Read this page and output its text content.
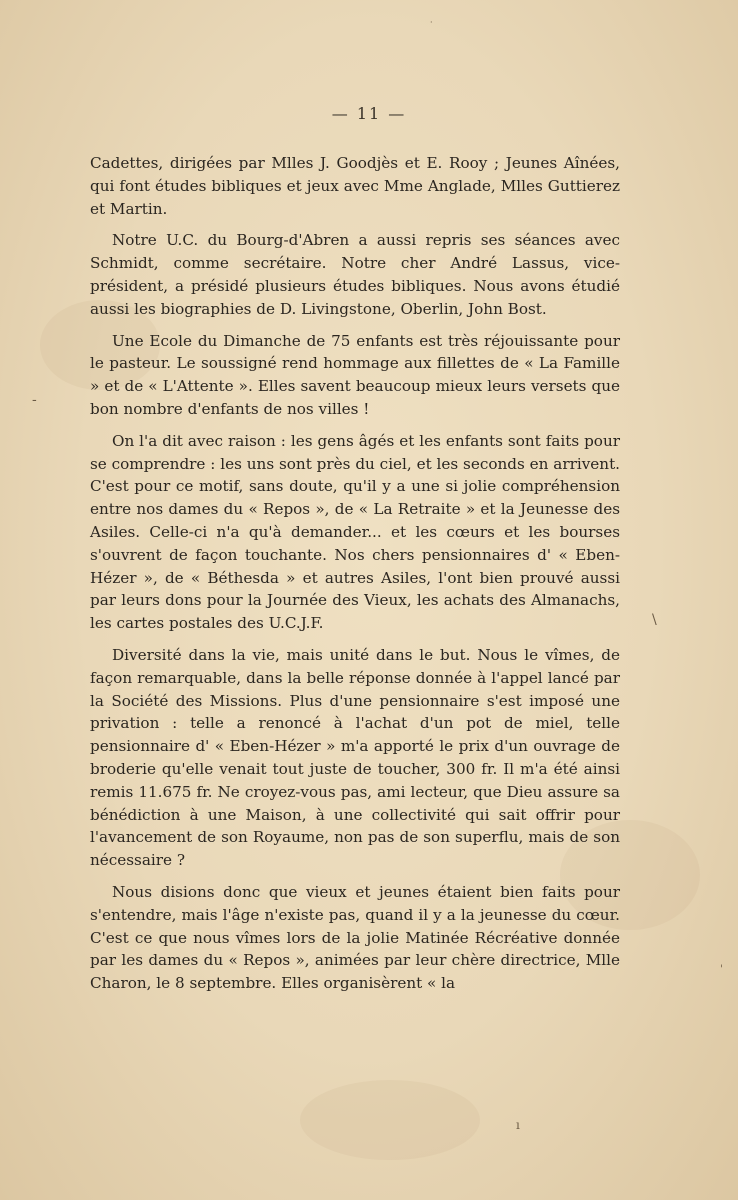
‐
\
'
·
ı
— 11 —

Cadettes, dirigées par Mlles J. Goodjès et E. Rooy ; Jeunes Aînées, qui font études bibliques et jeux avec Mme Anglade, Mlles Guttierez et Martin.

Notre U.C. du Bourg-d'Abren a aussi repris ses séances avec Schmidt, comme secrétaire. Notre cher André Lassus, vice-président, a présidé plusieurs études bibliques. Nous avons étudié aussi les biographies de D. Livingstone, Oberlin, John Bost.

Une Ecole du Dimanche de 75 enfants est très réjouissante pour le pasteur. Le soussigné rend hommage aux fillettes de « La Famille » et de « L'Attente ». Elles savent beaucoup mieux leurs versets que bon nombre d'enfants de nos villes !

On l'a dit avec raison : les gens âgés et les enfants sont faits pour se comprendre : les uns sont près du ciel, et les seconds en arrivent. C'est pour ce motif, sans doute, qu'il y a une si jolie compréhension entre nos dames du « Repos », de « La Retraite » et la Jeunesse des Asiles. Celle-ci n'a qu'à demander... et les cœurs et les bourses s'ouvrent de façon touchante. Nos chers pensionnaires d' « Eben-Hézer », de « Béthesda » et autres Asiles, l'ont bien prouvé aussi par leurs dons pour la Journée des Vieux, les achats des Almanachs, les cartes postales des U.C.J.F.

Diversité dans la vie, mais unité dans le but. Nous le vîmes, de façon remarquable, dans la belle réponse donnée à l'appel lancé par la Société des Missions. Plus d'une pensionnaire s'est imposé une privation : telle a renoncé à l'achat d'un pot de miel, telle pensionnaire d' « Eben-Hézer » m'a apporté le prix d'un ouvrage de broderie qu'elle venait tout juste de toucher, 300 fr. Il m'a été ainsi remis 11.675 fr. Ne croyez-vous pas, ami lecteur, que Dieu assure sa bénédiction à une Maison, à une collectivité qui sait offrir pour l'avancement de son Royaume, non pas de son superflu, mais de son nécessaire ?

Nous disions donc que vieux et jeunes étaient bien faits pour s'entendre, mais l'âge n'existe pas, quand il y a la jeunesse du cœur. C'est ce que nous vîmes lors de la jolie Matinée Récréative donnée par les dames du « Repos », animées par leur chère directrice, Mlle Charon, le 8 septembre. Elles organisèrent « la
